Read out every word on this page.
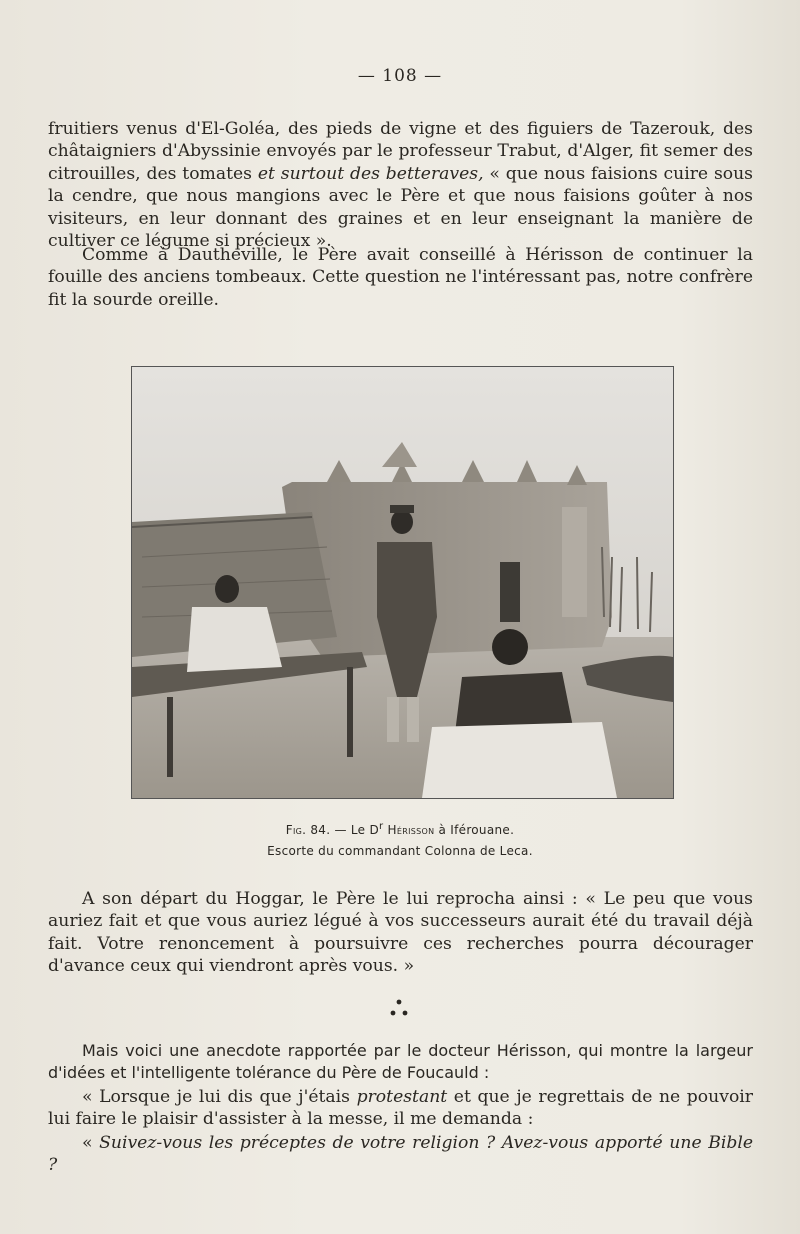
— 108 —

fruitiers venus d'El-Goléa, des pieds de vigne et des figuiers de Tazerouk, des châtaigniers d'Abyssinie envoyés par le professeur Trabut, d'Alger, fit semer des citrouilles, des tomates et surtout des betteraves, « que nous faisions cuire sous la cendre, que nous mangions avec le Père et que nous faisions goûter à nos visiteurs, en leur donnant des graines et en leur enseignant la manière de cultiver ce légume si précieux ».

Comme à Dautheville, le Père avait conseillé à Hérisson de continuer la fouille des anciens tombeaux. Cette question ne l'intéressant pas, notre confrère fit la sourde oreille.

Fig. 84. — Le $D^r$ Hérisson à Iférouane.
Escorte du commandant Colonna de Leca.

A son départ du Hoggar, le Père le lui reprocha ainsi : « Le peu que vous auriez fait et que vous auriez légué à vos successeurs aurait été du travail déjà fait. Votre renoncement à poursuivre ces recherches pourra décourager d'avance ceux qui viendront après vous. »

Mais voici une anecdote rapportée par le docteur Hérisson, qui montre la largeur d'idées et l'intelligente tolérance du Père de Foucauld :

« Lorsque je lui dis que j'étais protestant et que je regrettais de ne pouvoir lui faire le plaisir d'assister à la messe, il me demanda :

« Suivez-vous les préceptes de votre religion ? Avez-vous apporté une Bible ?
